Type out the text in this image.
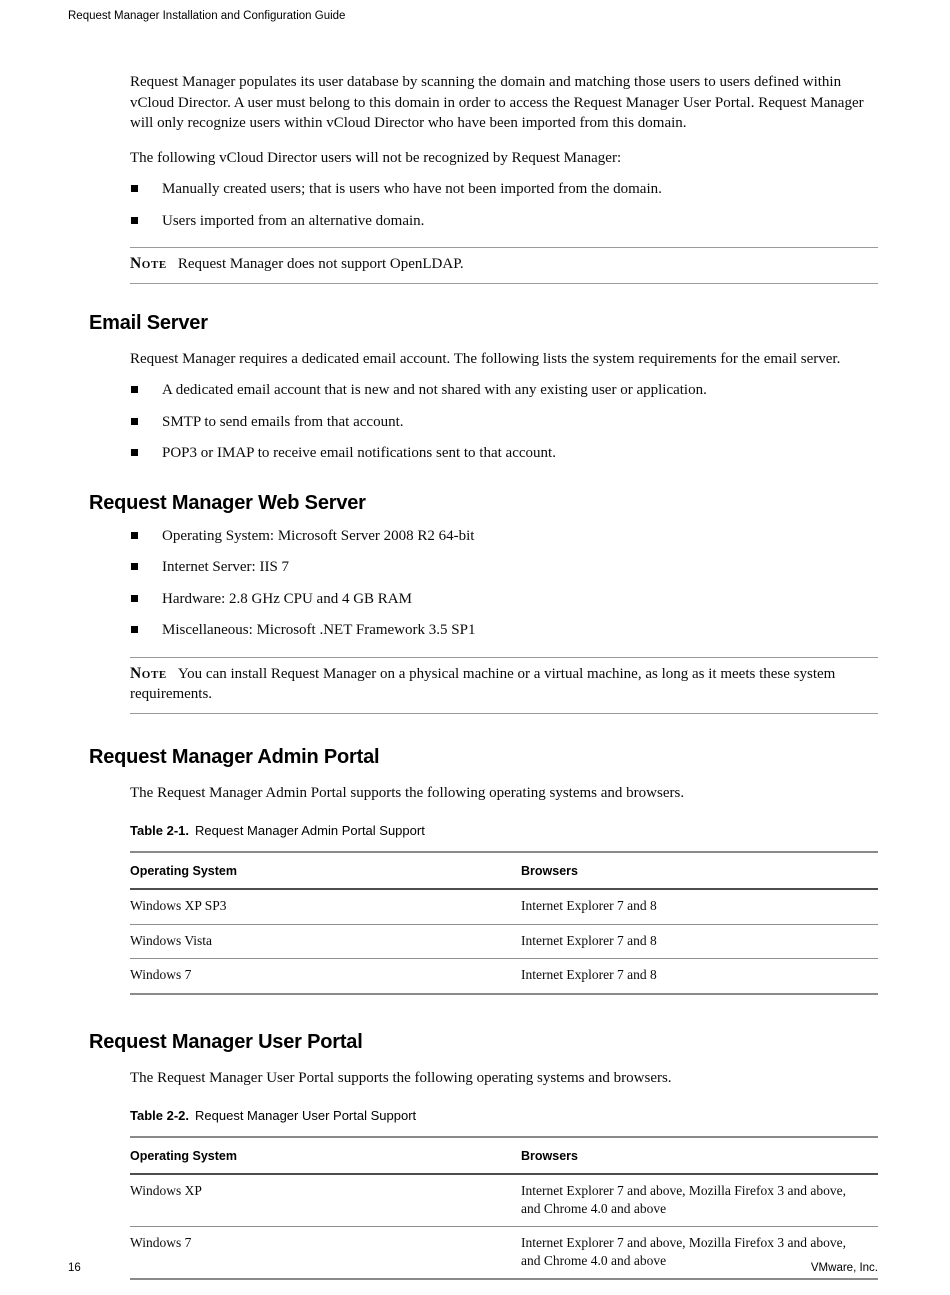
Request Manager Installation and Configuration Guide

Request Manager populates its user database by scanning the domain and matching those users to users defined within vCloud Director. A user must belong to this domain in order to access the Request Manager User Portal. Request Manager will only recognize users within vCloud Director who have been imported from this domain.

The following vCloud Director users will not be recognized by Request Manager:

Manually created users; that is users who have not been imported from the domain.
Users imported from an alternative domain.
Note Request Manager does not support OpenLDAP.
Email Server

Request Manager requires a dedicated email account. The following lists the system requirements for the email server.

A dedicated email account that is new and not shared with any existing user or application.
SMTP to send emails from that account.
POP3 or IMAP to receive email notifications sent to that account.
Request Manager Web Server
Operating System: Microsoft Server 2008 R2 64-bit
Internet Server: IIS 7
Hardware: 2.8 GHz CPU and 4 GB RAM
Miscellaneous: Microsoft .NET Framework 3.5 SP1
Note You can install Request Manager on a physical machine or a virtual machine, as long as it meets these system requirements.
Request Manager Admin Portal

The Request Manager Admin Portal supports the following operating systems and browsers.

Table 2-1. Request Manager Admin Portal Support
Operating System	Browsers
Windows XP SP3	Internet Explorer 7 and 8
Windows Vista	Internet Explorer 7 and 8
Windows 7	Internet Explorer 7 and 8
Request Manager User Portal

The Request Manager User Portal supports the following operating systems and browsers.

Table 2-2. Request Manager User Portal Support
Operating System	Browsers
Windows XP	Internet Explorer 7 and above, Mozilla Firefox 3 and above, and Chrome 4.0 and above
Windows 7	Internet Explorer 7 and above, Mozilla Firefox 3 and above, and Chrome 4.0 and above
16	VMware, Inc.
